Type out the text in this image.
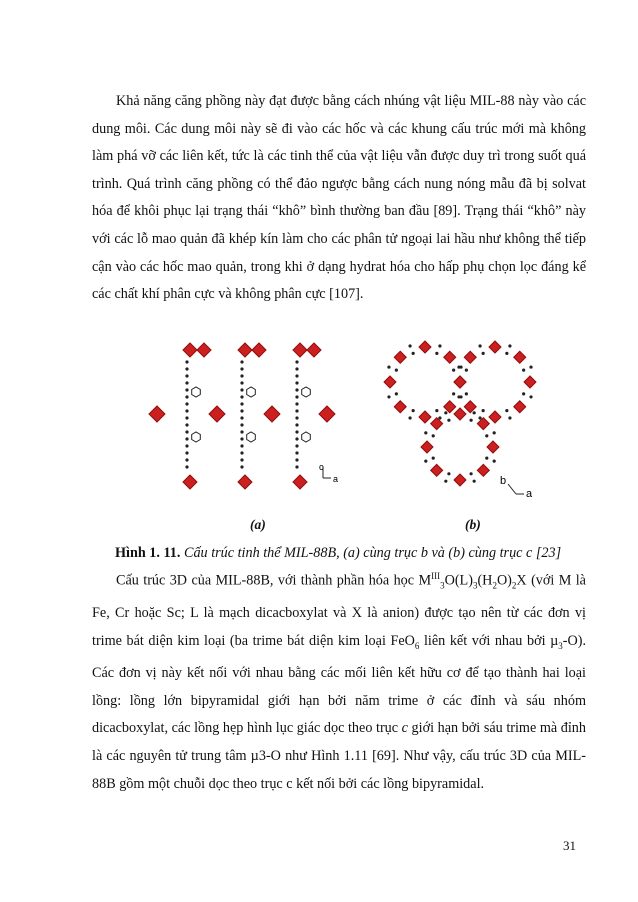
Khả năng căng phồng này đạt được bằng cách nhúng vật liệu MIL-88 này vào các dung môi. Các dung môi này sẽ đi vào các hốc và các khung cấu trúc mới mà không làm phá vỡ các liên kết, tức là các tinh thể của vật liệu vẫn được duy trì trong suốt quá trình. Quá trình căng phồng có thể đảo ngược bằng cách nung nóng mẫu đã bị solvat hóa để khôi phục lại trạng thái “khô” bình thường ban đầu [89]. Trạng thái “khô” này với các lỗ mao quản đã khép kín làm cho các phân tử ngoại lai hầu như không thể tiếp cận vào các hốc mao quản, trong khi ở dạng hydrat hóa cho hấp phụ chọn lọc đáng kể các chất khí phân cực và không phân cực [107].

c
a	b
a
(a)	(b)
Hình 1. 11. Cấu trúc tinh thể MIL-88B, (a) cùng trục b và (b) cùng trục c [23]

Cấu trúc 3D của MIL-88B, với thành phần hóa học $M^{III}_3O(L)_3(H_2O)_2X$ (với M là Fe, Cr hoặc Sc; L là mạch dicacboxylat và X là anion) được tạo nên từ các đơn vị trime bát diện kim loại (ba trime bát diện kim loại FeO$_6$ liên kết với nhau bởi µ$_3$-O). Các đơn vị này kết nối với nhau bằng các mối liên kết hữu cơ để tạo thành hai loại lồng: lồng lớn bipyramidal giới hạn bởi năm trime ở các đỉnh và sáu nhóm dicacboxylat, các lồng hẹp hình lục giác dọc theo trục c giới hạn bởi sáu trime mà đỉnh là các nguyên tử trung tâm µ3-O như Hình 1.11 [69]. Như vậy, cấu trúc 3D của MIL-88B gồm một chuỗi dọc theo trục c kết nối bởi các lồng bipyramidal.

31
